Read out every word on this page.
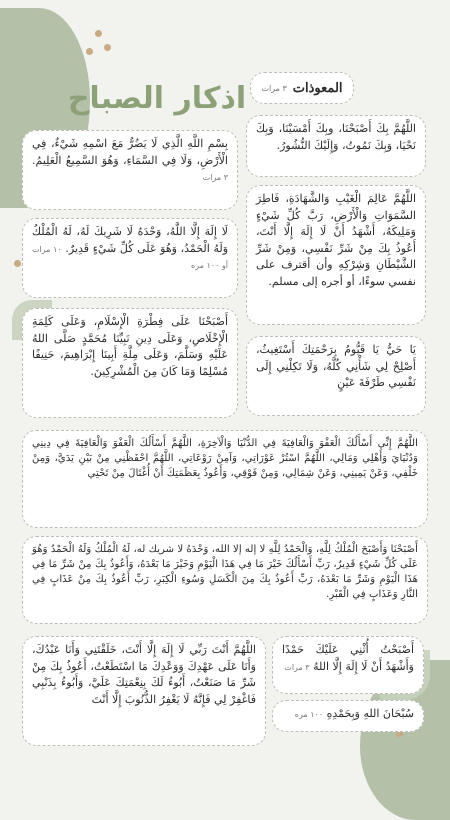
اذكار الصباح	المعوذات
٣ مرات
اللَّهُمَّ بِكَ أَصْبَحْنَا، وبِكَ أَمْسَيْنَا، وَبِكَ نَحْيَا، وَبِكَ نَمُوتُ، وَإِلَيْكَ النُّشُورُ.
بِسْمِ اللَّهِ الَّذِي لَا يَضُرُّ مَعَ اسْمِهِ شَيْءٌ، فِي الْأَرْضِ، وَلَا فِي السَّمَاءِ، وَهُوَ السَّمِيعُ الْعَلِيمُ. ٣ مرات
اللَّهُمَّ عَالِمَ الْغَيْبِ وَالشَّهَادَةِ، فَاطِرَ السَّمَوَاتِ وَالْأَرْضِ، رَبَّ كُلِّ شَيْءٍ وَمَلِيكَهُ، أَشْهَدُ أَنْ لَا إِلَهَ إِلَّا أَنْتَ، أَعُوذُ بِكَ مِنْ شَرِّ نَفْسِي، وَمِنْ شَرِّ الشَّيْطَانِ وَشِرْكِهِ وأن أقترف على نفسي سوءًا، أو أجره إلى مسلم.
لَا إِلَهَ إِلَّا اللَّهُ، وَحْدَهُ لَا شَرِيكَ لَهُ، لَهُ الْمُلْكُ وَلَهُ الْحَمْدُ، وَهُوَ عَلَى كُلِّ شَيْءٍ قَدِيرٌ. ١٠ مرات أو ١٠٠ مره
أَصْبَحْنَا عَلَى فِطْرَةِ الْإِسْلَامِ، وَعَلَى كَلِمَةِ الْإِخْلَاصِ، وَعَلَى دِينِ نَبِيِّنَا مُحَمَّدٍ صَلَّى اللهُ عَلَيْهِ وَسَلَّمَ، وَعَلَى مِلَّةِ أَبِينَا إِبْرَاهِيمَ، حَنِيفًا مُسْلِمًا وَمَا كَانَ مِنَ الْمُشْرِكِينَ.
يَا حَيُّ يَا قَيُّومُ بِرَحْمَتِكَ أَسْتَغِيثُ، أَصْلِحْ لِي شَأْنِي كُلَّهُ، وَلَا تَكِلْنِي إِلَى نَفْسِي طَرْفَةَ عَيْنٍ
اللَّهُمَّ إِنِّي أَسْأَلُكَ الْعَفْوَ وَالْعَافِيَةَ فِي الدُّنْيَا وَالْآخِرَةِ، اللَّهُمَّ أَسْأَلُكَ الْعَفْوَ وَالْعَافِيَةَ فِي دِينِي وَدُنْيَايَ وَأَهْلِي وَمَالِي، اللَّهُمَّ اسْتُرْ عَوْرَاتِي، وَآمِنْ رَوْعَاتِي، اللَّهُمَّ احْفَظْنِي مِنْ بَيْنِ يَدَيَّ، وَمِنْ خَلْفِي، وَعَنْ يَمِينِي، وَعَنْ شِمَالِي، وَمِنْ فَوْقِي، وَأَعُوذُ بِعَظَمَتِكَ أَنْ أُغْتَالَ مِنْ تَحْتِي
أَصْبَحْنَا وَأَصْبَحَ الْمُلْكُ لِلَّهِ، وَالْحَمْدُ لِلَّهِ لا إله إلا الله، وَحْدَهُ لا شريك له، لَهُ الْمُلْكُ وَلَهُ الْحَمْدُ وَهُوَ عَلَى كُلِّ شَيْءٍ قَدِيرٌ، رَبِّ أَسْأَلُكَ خَيْرَ مَا فِي هَذَا الْيَوْمِ وَخَيْرَ مَا بَعْدَهُ، وَأَعُوذُ بِكَ مِنْ شَرِّ مَا فِي هَذَا الْيَوْمِ وَشَرِّ مَا بَعْدَهُ، رَبِّ أَعُوذُ بِكَ مِنَ الْكَسَلِ وَسُوءِ الْكِبَرِ، رَبِّ أَعُوذُ بِكَ مِنْ عَذَابٍ فِي النَّارِ وَعَذَابٍ فِي الْقَبْرِ.
أَصْبَحْتُ أُثْنِي عَلَيْكَ حَمْدًا وَأَشْهَدُ أَنْ لَا إِلَهَ إِلَّا اللهُ ٣ مرات
اللَّهُمَّ أَنْتَ رَبِّي لَا إِلَهَ إِلَّا أَنْتَ، خَلَقْتَنِي وَأَنَا عَبْدُكَ، وَأَنَا عَلَى عَهْدِكَ وَوَعْدِكَ مَا اسْتَطَعْتُ، أَعُوذُ بِكَ مِنْ شَرِّ مَا صَنَعْتُ، أَبُوءُ لَكَ بِنِعْمَتِكَ عَلَيَّ، وَأَبُوءُ بِذَنْبِي فَاغْفِرْ لِي فَإِنَّهُ لَا يَغْفِرُ الذُّنُوبَ إِلَّا أَنْتَ
سُبْحَانَ اللهِ وَبِحَمْدِهِ ١٠٠ مره
